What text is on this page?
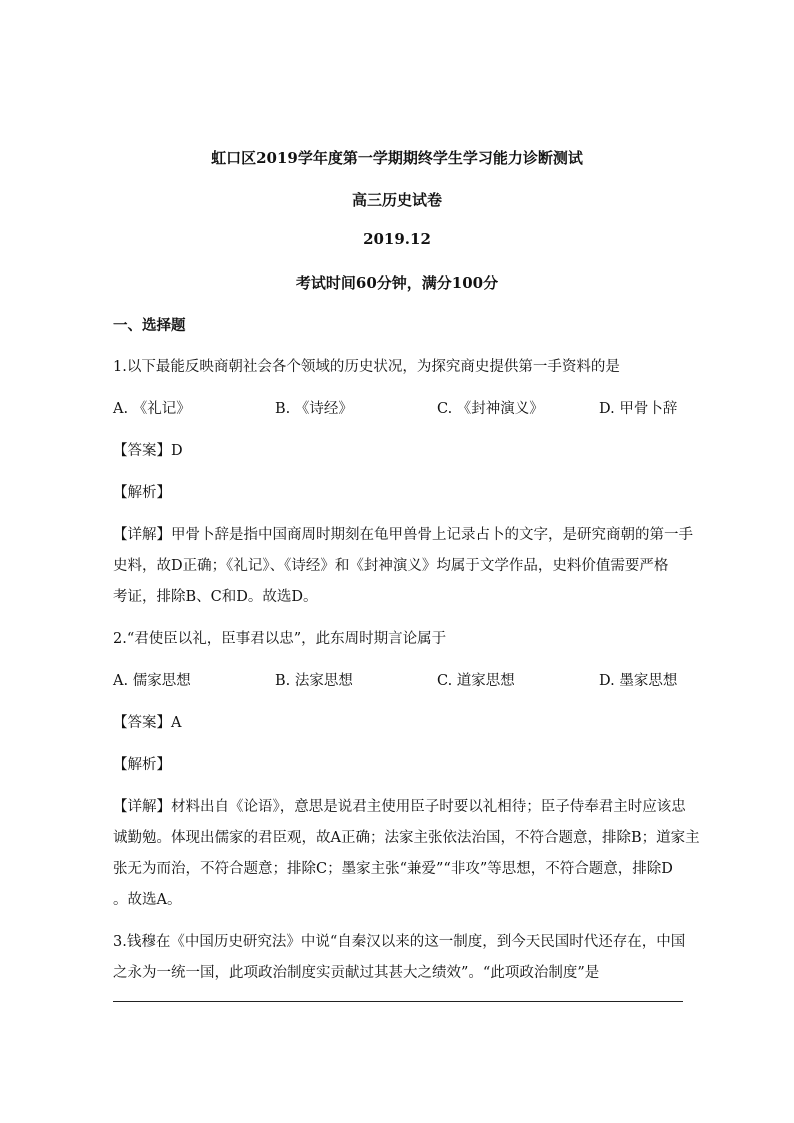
虹口区2019学年度第一学期期终学生学习能力诊断测试
高三历史试卷
2019.12
考试时间60分钟，满分100分
一、选择题
1.以下最能反映商朝社会各个领域的历史状况，为探究商史提供第一手资料的是
A. 《礼记》	B. 《诗经》	C. 《封神演义》	D. 甲骨卜辞
【答案】D
【解析】
【详解】甲骨卜辞是指中国商周时期刻在龟甲兽骨上记录占卜的文字，是研究商朝的第一手
史料，故D正确；《礼记》、《诗经》和《封神演义》均属于文学作品，史料价值需要严格
考证，排除B、C和D。故选D。
2.“君使臣以礼，臣事君以忠”，此东周时期言论属于
A. 儒家思想	B. 法家思想	C. 道家思想	D. 墨家思想
【答案】A
【解析】
【详解】材料出自《论语》，意思是说君主使用臣子时要以礼相待；臣子侍奉君主时应该忠
诚勤勉。体现出儒家的君臣观，故A正确；法家主张依法治国，不符合题意，排除B；道家主
张无为而治，不符合题意；排除C；墨家主张“兼爱”“非攻”等思想，不符合题意，排除D
。故选A。
3.钱穆在《中国历史研究法》中说“自秦汉以来的这一制度，到今天民国时代还存在，中国
之永为一统一国，此项政治制度实贡献过其甚大之绩效”。“此项政治制度”是
